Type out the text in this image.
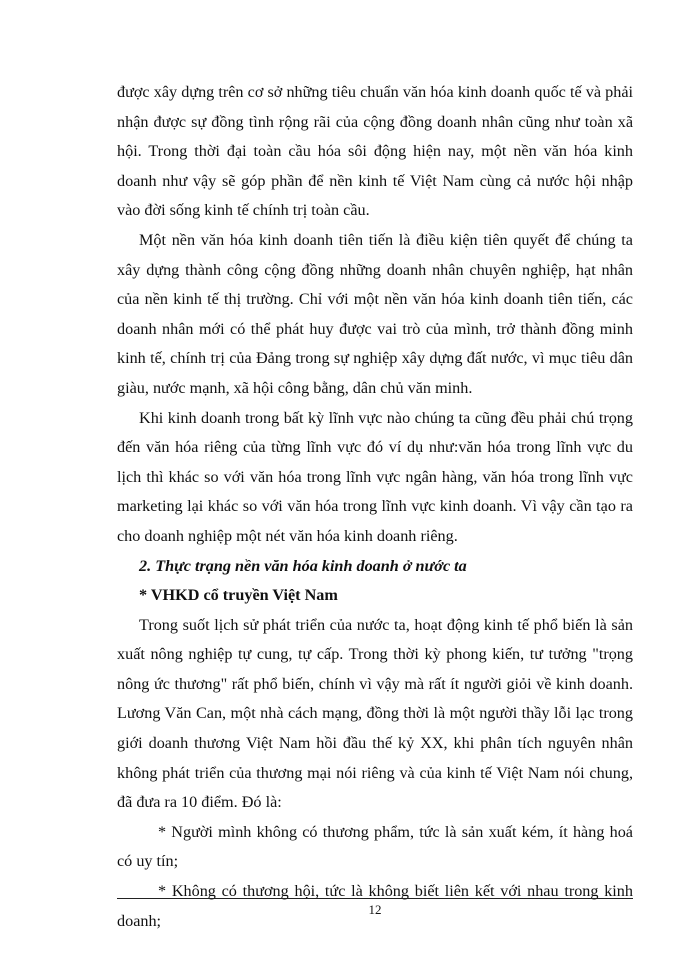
được xây dựng trên cơ sở những tiêu chuẩn văn hóa kinh doanh quốc tế và phải nhận được sự đồng tình rộng rãi của cộng đồng doanh nhân cũng như toàn xã hội. Trong thời đại toàn cầu hóa sôi động hiện nay, một nền văn hóa kinh doanh như vậy sẽ góp phần để nền kinh tế Việt Nam cùng cả nước hội nhập vào đời sống kinh tế chính trị toàn cầu.

Một nền văn hóa kinh doanh tiên tiến là điều kiện tiên quyết để chúng ta xây dựng thành công cộng đồng những doanh nhân chuyên nghiệp, hạt nhân của nền kinh tế thị trường. Chỉ với một nền văn hóa kinh doanh tiên tiến, các doanh nhân mới có thể phát huy được vai trò của mình, trở thành đồng minh kinh tế, chính trị của Đảng trong sự nghiệp xây dựng đất nước, vì mục tiêu dân giàu, nước mạnh, xã hội công bằng, dân chủ văn minh.

Khi kinh doanh trong bất kỳ lĩnh vực nào chúng ta cũng đều phải chú trọng đến văn hóa riêng của từng lĩnh vực đó ví dụ như:văn hóa trong lĩnh vực du lịch thì khác so với văn hóa trong lĩnh vực ngân hàng, văn hóa trong lĩnh vực marketing lại khác so với văn hóa trong lĩnh vực kinh doanh. Vì vậy cần tạo ra cho doanh nghiệp một nét văn hóa kinh doanh riêng.

2. Thực trạng nền văn hóa kinh doanh ở nước ta

* VHKD cổ truyền Việt Nam

Trong suốt lịch sử phát triển của nước ta, hoạt động kinh tế phổ biến là sản xuất nông nghiệp tự cung, tự cấp. Trong thời kỳ phong kiến, tư tưởng "trọng nông ức thương" rất phổ biến, chính vì vậy mà rất ít người giỏi về kinh doanh. Lương Văn Can, một nhà cách mạng, đồng thời là một người thầy lỗi lạc trong giới doanh thương Việt Nam hồi đầu thế kỷ XX, khi phân tích nguyên nhân không phát triển của thương mại nói riêng và của kinh tế Việt Nam nói chung, đã đưa ra 10 điểm. Đó là:

* Người mình không có thương phẩm, tức là sản xuất kém, ít hàng hoá có uy tín;

* Không có thương hội, tức là không biết liên kết với nhau trong kinh doanh;

12
